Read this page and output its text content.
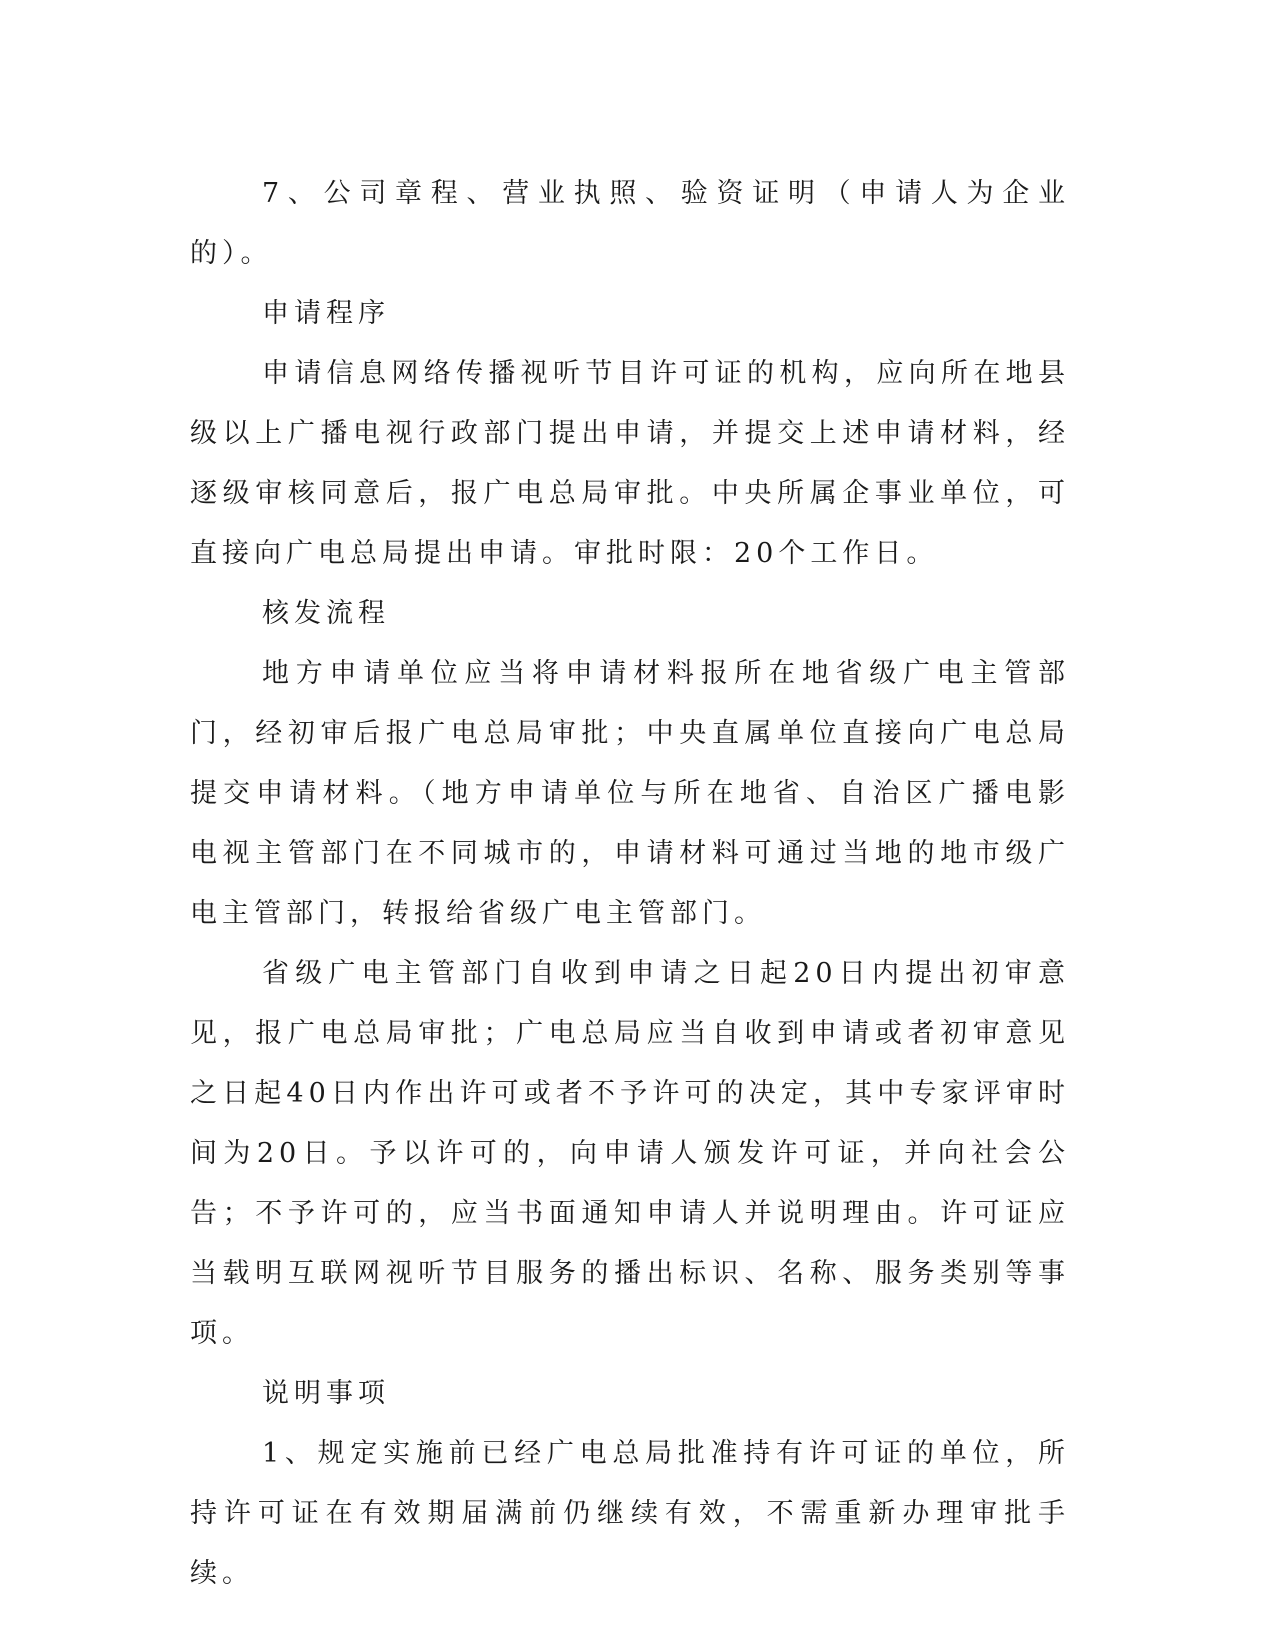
7、公司章程、营业执照、验资证明（申请人为企业的）。

申请程序

申请信息网络传播视听节目许可证的机构，应向所在地县级以上广播电视行政部门提出申请，并提交上述申请材料，经逐级审核同意后，报广电总局审批。中央所属企事业单位，可直接向广电总局提出申请。审批时限：20个工作日。

核发流程

地方申请单位应当将申请材料报所在地省级广电主管部门，经初审后报广电总局审批；中央直属单位直接向广电总局提交申请材料。（地方申请单位与所在地省、自治区广播电影电视主管部门在不同城市的，申请材料可通过当地的地市级广电主管部门，转报给省级广电主管部门。

省级广电主管部门自收到申请之日起20日内提出初审意见，报广电总局审批；广电总局应当自收到申请或者初审意见之日起40日内作出许可或者不予许可的决定，其中专家评审时间为20日。予以许可的，向申请人颁发许可证，并向社会公告；不予许可的，应当书面通知申请人并说明理由。许可证应当载明互联网视听节目服务的播出标识、名称、服务类别等事项。

说明事项

1、规定实施前已经广电总局批准持有许可证的单位，所持许可证在有效期届满前仍继续有效，不需重新办理审批手续。
